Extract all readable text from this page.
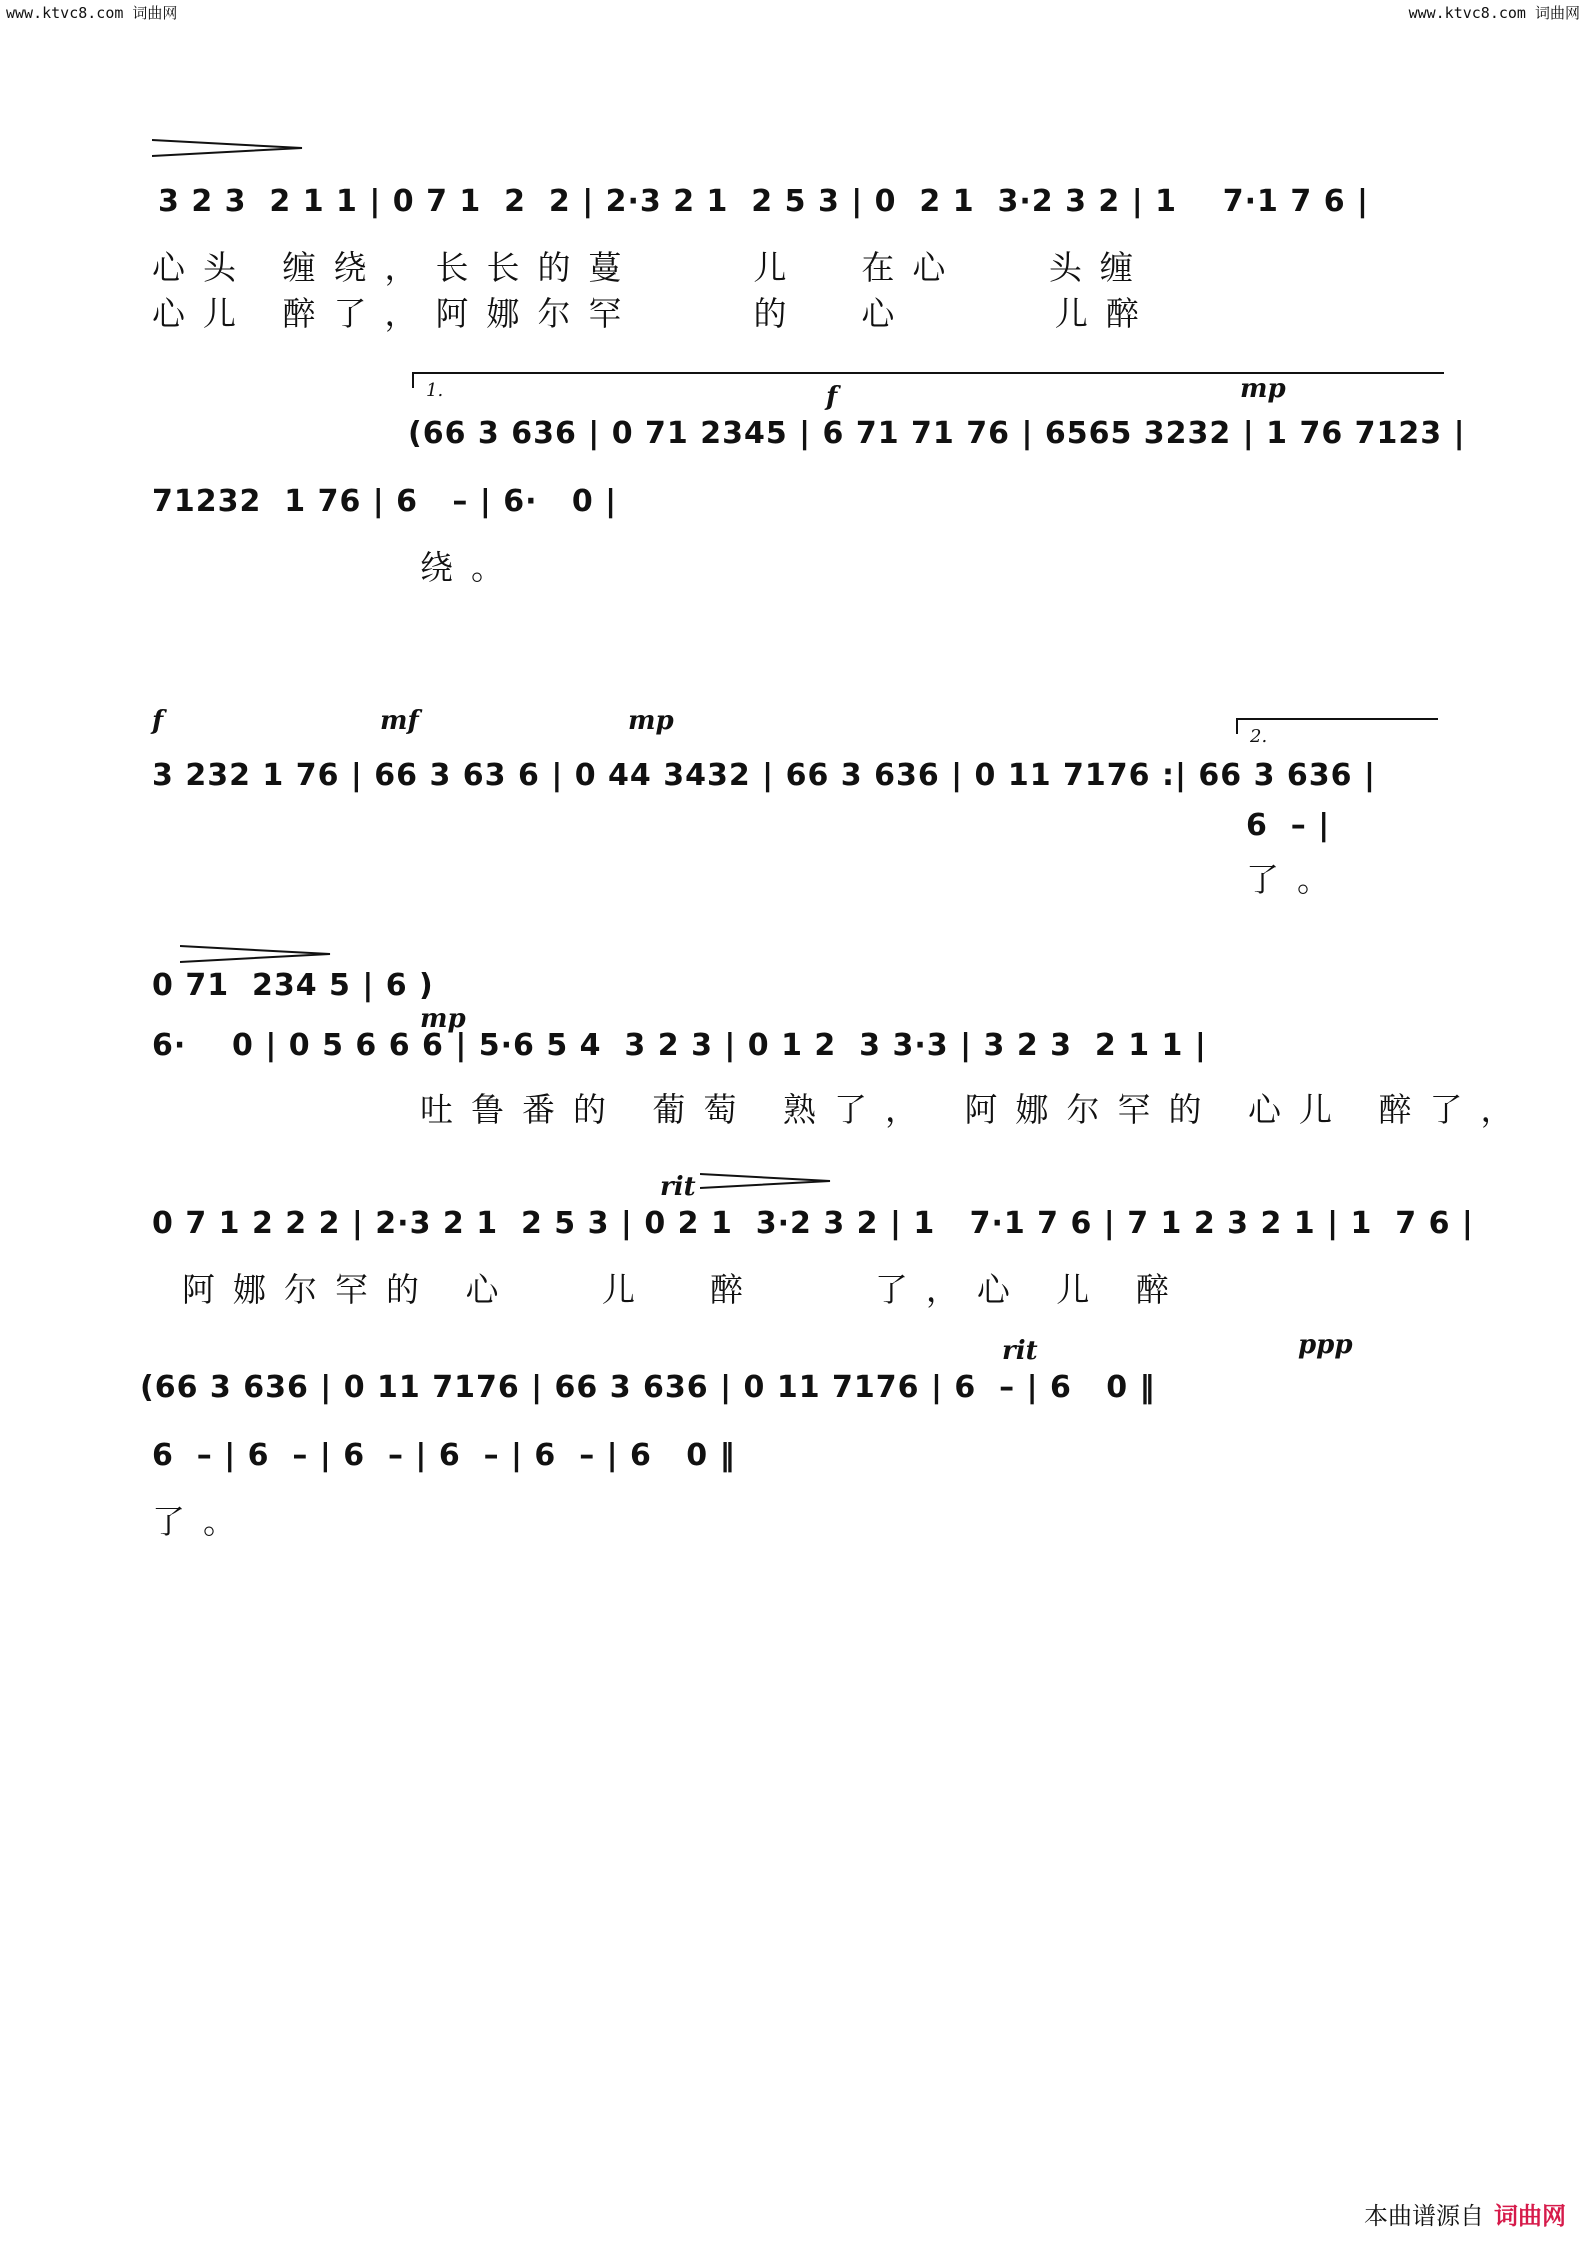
www.ktvc8.com 词曲网	www.ktvc8.com 词曲网
3 2 3  2 1 1 | 0 7 1  2  2 | 2·3 2 1  2 5 3 | 0  2 1  3·2 3 2 | 1    7·1 7 6 |
心头 缠绕，长长的蔓    儿  在心   头缠
心儿 醉了，阿娜尔罕    的  心     儿醉
1.	f	mp
(66 3 636 | 0 71 2345 | 6 71 71 76 | 6565 3232 | 1 76 7123 |
71232  1 76 | 6   – | 6·   0 |
绕。
f	mf	mp
2.
3 232 1 76 | 66 3 63 6 | 0 44 3432 | 66 3 636 | 0 11 7176 :| 66 3 636 |
6  – |
了。
0 71  234 5 | 6 )
mp
6·    0 | 0 5 6 6 6 | 5·6 5 4  3 2 3 | 0 1 2  3 3·3 | 3 2 3  2 1 1 |
吐鲁番的 葡萄 熟了， 阿娜尔罕的 心儿 醉了，
rit
0 7 1 2 2 2 | 2·3 2 1  2 5 3 | 0 2 1  3·2 3 2 | 1   7·1 7 6 | 7 1 2 3 2 1 | 1  7 6 |
阿娜尔罕的 心   儿  醉    了，心 儿 醉
rit	ppp
(66 3 636 | 0 11 7176 | 66 3 636 | 0 11 7176 | 6  – | 6   0 ‖
6  – | 6  – | 6  – | 6  – | 6  – | 6   0 ‖
了。
本曲谱源自 词曲网
